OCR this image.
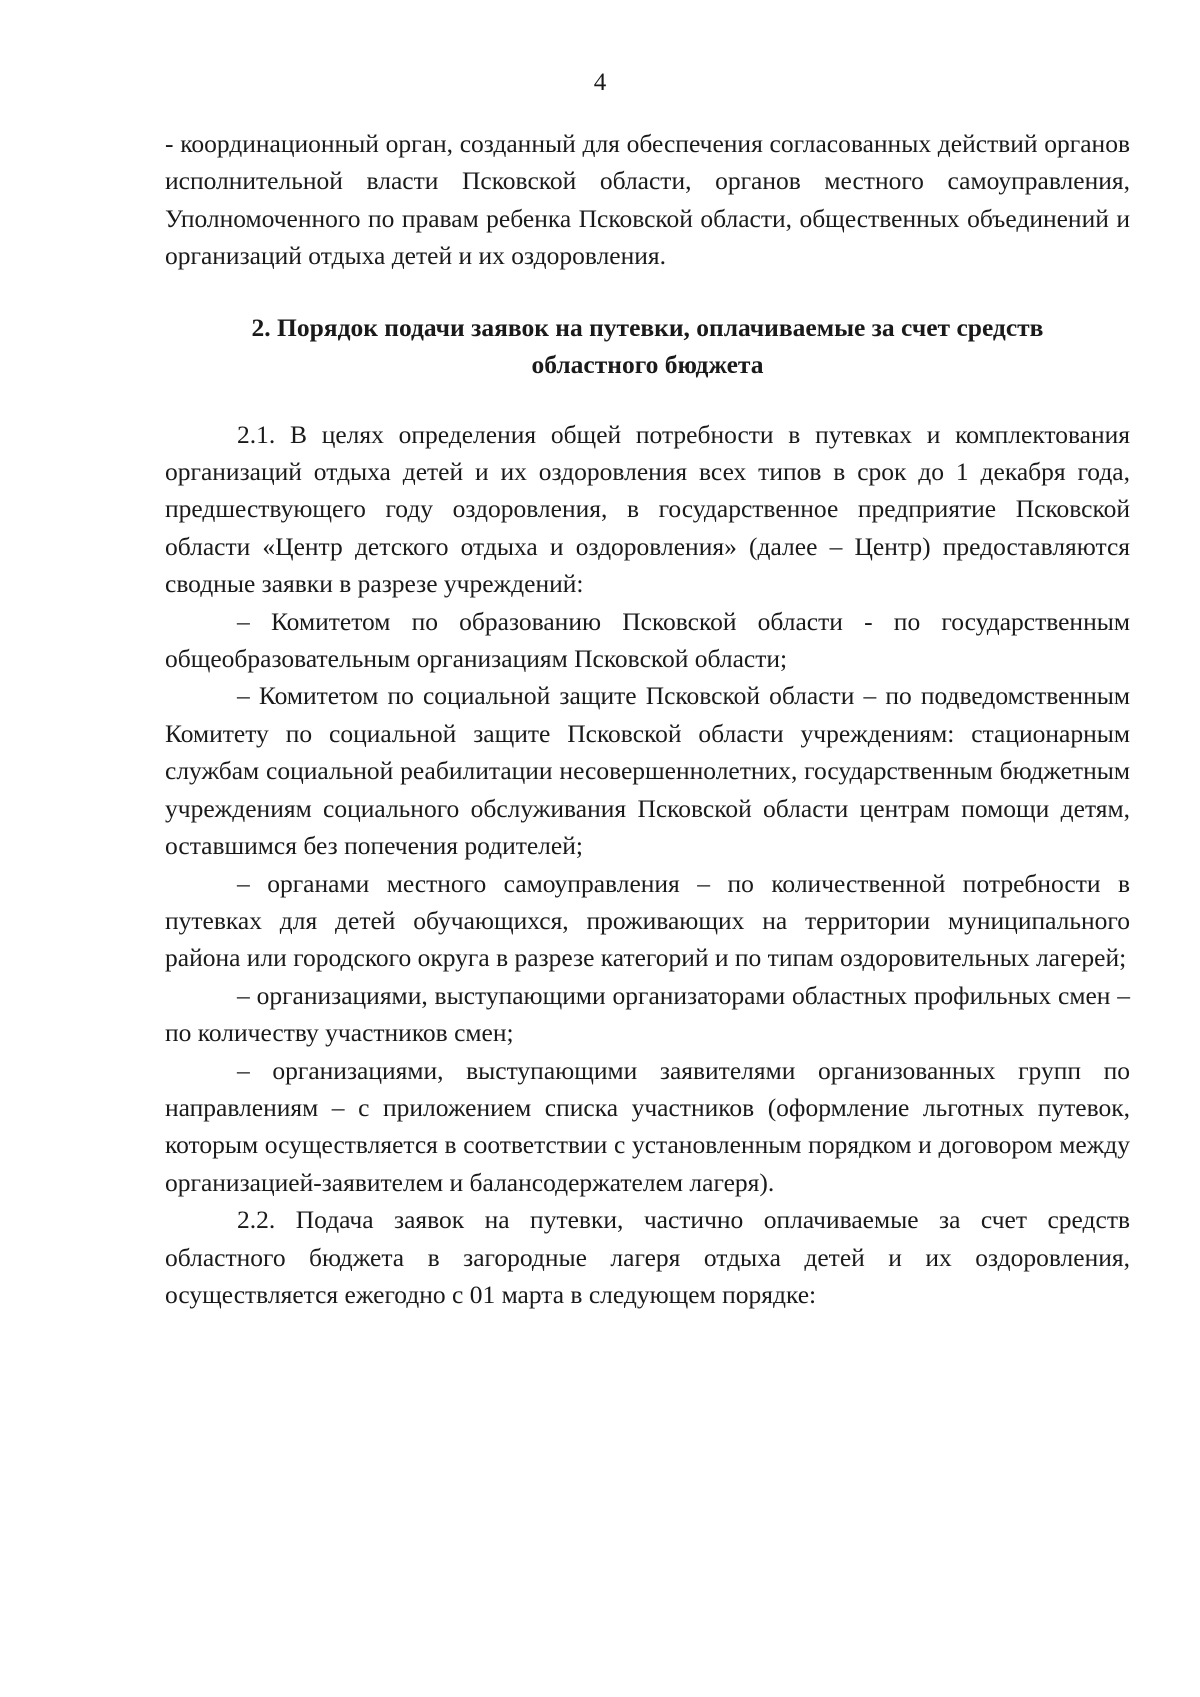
4

- координационный орган, созданный для обеспечения согласованных действий органов исполнительной власти Псковской области, органов местного самоуправления, Уполномоченного по правам ребенка Псковской области, общественных объединений и организаций отдыха детей и их оздоровления.

2. Порядок подачи заявок на путевки, оплачиваемые за счет средств
областного бюджета

2.1. В целях определения общей потребности в путевках и комплектования организаций отдыха детей и их оздоровления всех типов в срок до 1 декабря года, предшествующего году оздоровления, в государственное предприятие Псковской области «Центр детского отдыха и оздоровления» (далее – Центр) предоставляются сводные заявки в разрезе учреждений:

– Комитетом по образованию Псковской области - по государственным общеобразовательным организациям Псковской области;

– Комитетом по социальной защите Псковской области – по подведомственным Комитету по социальной защите Псковской области учреждениям: стационарным службам социальной реабилитации несовершеннолетних, государственным бюджетным учреждениям социального обслуживания Псковской области центрам помощи детям, оставшимся без попечения родителей;

– органами местного самоуправления – по количественной потребности в путевках для детей обучающихся, проживающих на территории муниципального района или городского округа в разрезе категорий и по типам оздоровительных лагерей;

– организациями, выступающими организаторами областных профильных смен – по количеству участников смен;

– организациями, выступающими заявителями организованных групп по направлениям – с приложением списка участников (оформление льготных путевок, которым осуществляется в соответствии с установленным порядком и договором между организацией-заявителем и балансодержателем лагеря).

2.2. Подача заявок на путевки, частично оплачиваемые за счет средств областного бюджета в загородные лагеря отдыха детей и их оздоровления, осуществляется ежегодно с 01 марта в следующем порядке:
